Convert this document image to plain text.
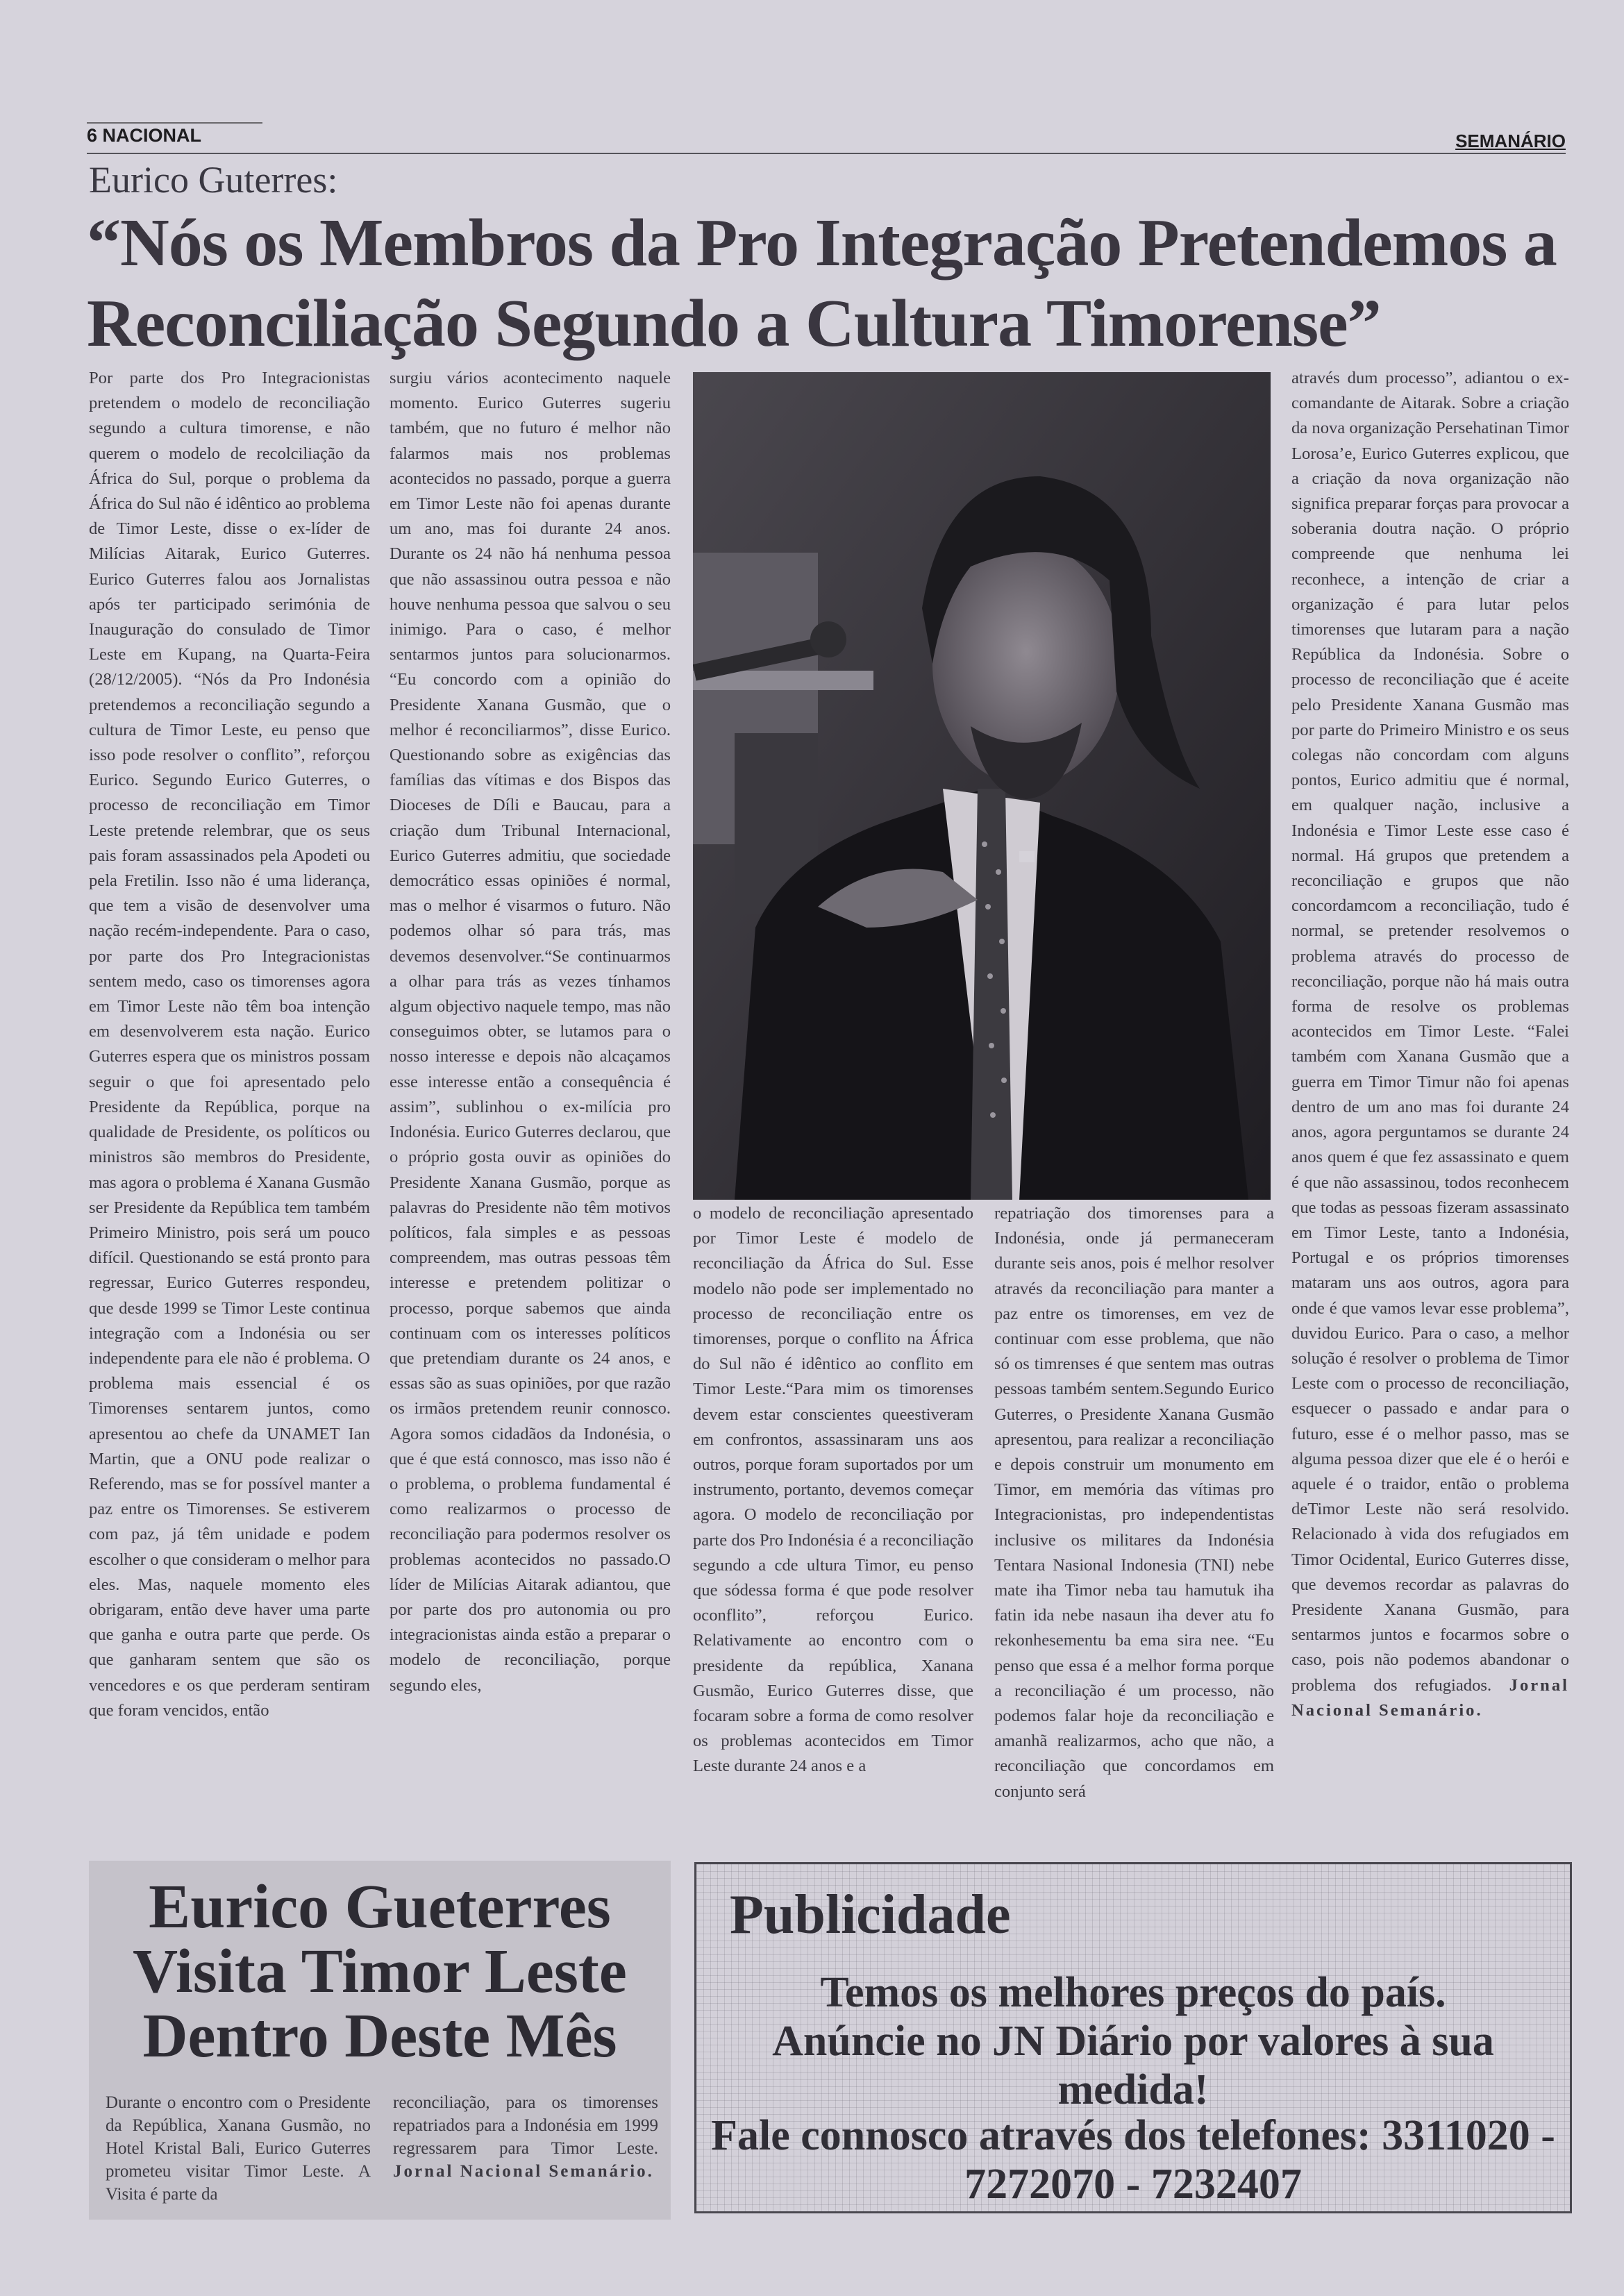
6 NACIONAL	SEMANÁRIO
Eurico Guterres:
“Nós os Membros da Pro Integração Pretendemos a Reconciliação Segundo a Cultura Timorense”

Por parte dos Pro Integracionistas pretendem o modelo de reconciliação segundo a cultura timorense, e não querem o modelo de recolciliação da África do Sul, porque o problema da África do Sul não é idêntico ao problema de Timor Leste, disse o ex-líder de Milícias Aitarak, Eurico Guterres. Eurico Guterres falou aos Jornalistas após ter participado serimónia de Inauguração do consulado de Timor Leste em Kupang, na Quarta-Feira (28/12/2005). “Nós da Pro Indonésia pretendemos a reconciliação segundo a cultura de Timor Leste, eu penso que isso pode resolver o conflito”, reforçou Eurico. Segundo Eurico Guterres, o processo de reconciliação em Timor Leste pretende relembrar, que os seus pais foram assassinados pela Apodeti ou pela Fretilin. Isso não é uma liderança, que tem a visão de desenvolver uma nação recém-independente. Para o caso, por parte dos Pro Integracionistas sentem medo, caso os timorenses agora em Timor Leste não têm boa intenção em desenvolverem esta nação. Eurico Guterres espera que os ministros possam seguir o que foi apresentado pelo Presidente da República, porque na qualidade de Presidente, os políticos ou ministros são membros do Presidente, mas agora o problema é Xanana Gusmão ser Presidente da República tem também Primeiro Ministro, pois será um pouco difícil. Questionando se está pronto para regressar, Eurico Guterres respondeu, que desde 1999 se Timor Leste continua integração com a Indonésia ou ser independente para ele não é problema. O problema mais essencial é os Timorenses sentarem juntos, como apresentou ao chefe da UNAMET Ian Martin, que a ONU pode realizar o Referendo, mas se for possível manter a paz entre os Timorenses. Se estiverem com paz, já têm unidade e podem escolher o que consideram o melhor para eles. Mas, naquele momento eles obrigaram, então deve haver uma parte que ganha e outra parte que perde. Os que ganharam sentem que são os vencedores e os que perderam sentiram que foram vencidos, então

surgiu vários acontecimento naquele momento. Eurico Guterres sugeriu também, que no futuro é melhor não falarmos mais nos problemas acontecidos no passado, porque a guerra em Timor Leste não foi apenas durante um ano, mas foi durante 24 anos. Durante os 24 não há nenhuma pessoa que não assassinou outra pessoa e não houve nenhuma pessoa que salvou o seu inimigo. Para o caso, é melhor sentarmos juntos para solucionarmos. “Eu concordo com a opinião do Presidente Xanana Gusmão, que o melhor é reconciliarmos”, disse Eurico. Questionando sobre as exigências das famílias das vítimas e dos Bispos das Dioceses de Díli e Baucau, para a criação dum Tribunal Internacional, Eurico Guterres admitiu, que sociedade democrático essas opiniões é normal, mas o melhor é visarmos o futuro. Não podemos olhar só para trás, mas devemos desenvolver.“Se continuarmos a olhar para trás as vezes tínhamos algum objectivo naquele tempo, mas não conseguimos obter, se lutamos para o nosso interesse e depois não alcaçamos esse interesse então a consequência é assim”, sublinhou o ex-milícia pro Indonésia. Eurico Guterres declarou, que o próprio gosta ouvir as opiniões do Presidente Xanana Gusmão, porque as palavras do Presidente não têm motivos políticos, fala simples e as pessoas compreendem, mas outras pessoas têm interesse e pretendem politizar o processo, porque sabemos que ainda continuam com os interesses políticos que pretendiam durante os 24 anos, e essas são as suas opiniões, por que razão os irmãos pretendem reunir connosco. Agora somos cidadãos da Indonésia, o que é que está connosco, mas isso não é o problema, o problema fundamental é como realizarmos o processo de reconciliação para podermos resolver os problemas acontecidos no passado.O líder de Milícias Aitarak adiantou, que por parte dos pro autonomia ou pro integracionistas ainda estão a preparar o modelo de reconciliação, porque segundo eles,

o modelo de reconciliação apresentado por Timor Leste é modelo de reconciliação da África do Sul. Esse modelo não pode ser implementado no processo de reconciliação entre os timorenses, porque o conflito na África do Sul não é idêntico ao conflito em Timor Leste.“Para mim os timorenses devem estar conscientes queestiveram em confrontos, assassinaram uns aos outros, porque foram suportados por um instrumento, portanto, devemos começar agora. O modelo de reconciliação por parte dos Pro Indonésia é a reconciliação segundo a cde ultura Timor, eu penso que sódessa forma é que pode resolver oconflito”, reforçou Eurico. Relativamente ao encontro com o presidente da república, Xanana Gusmão, Eurico Guterres disse, que focaram sobre a forma de como resolver os problemas acontecidos em Timor Leste durante 24 anos e a

repatriação dos timorenses para a Indonésia, onde já permaneceram durante seis anos, pois é melhor resolver através da reconciliação para manter a paz entre os timorenses, em vez de continuar com esse problema, que não só os timrenses é que sentem mas outras pessoas também sentem.Segundo Eurico Guterres, o Presidente Xanana Gusmão apresentou, para realizar a reconciliação e depois construir um monumento em Timor, em memória das vítimas pro Integracionistas, pro independentistas inclusive os militares da Indonésia Tentara Nasional Indonesia (TNI) nebe mate iha Timor neba tau hamutuk iha fatin ida nebe nasaun iha dever atu fo rekonhesementu ba ema sira nee. “Eu penso que essa é a melhor forma porque a reconciliação é um processo, não podemos falar hoje da reconciliação e amanhã realizarmos, acho que não, a reconciliação que concordamos em conjunto será

através dum processo”, adiantou o ex-comandante de Aitarak. Sobre a criação da nova organização Persehatinan Timor Lorosa’e, Eurico Guterres explicou, que a criação da nova organização não significa preparar forças para provocar a soberania doutra nação. O próprio compreende que nenhuma lei reconhece, a intenção de criar a organização é para lutar pelos timorenses que lutaram para a nação República da Indonésia. Sobre o processo de reconciliação que é aceite pelo Presidente Xanana Gusmão mas por parte do Primeiro Ministro e os seus colegas não concordam com alguns pontos, Eurico admitiu que é normal, em qualquer nação, inclusive a Indonésia e Timor Leste esse caso é normal. Há grupos que pretendem a reconciliação e grupos que não concordamcom a reconciliação, tudo é normal, se pretender resolvemos o problema através do processo de reconciliação, porque não há mais outra forma de resolve os problemas acontecidos em Timor Leste. “Falei também com Xanana Gusmão que a guerra em Timor Timur não foi apenas dentro de um ano mas foi durante 24 anos, agora perguntamos se durante 24 anos quem é que fez assassinato e quem é que não assassinou, todos reconhecem que todas as pessoas fizeram assassinato em Timor Leste, tanto a Indonésia, Portugal e os próprios timorenses mataram uns aos outros, agora para onde é que vamos levar esse problema”, duvidou Eurico. Para o caso, a melhor solução é resolver o problema de Timor Leste com o processo de reconciliação, esquecer o passado e andar para o futuro, esse é o melhor passo, mas se alguma pessoa dizer que ele é o herói e aquele é o traidor, então o problema deTimor Leste não será resolvido. Relacionado à vida dos refugiados em Timor Ocidental, Eurico Guterres disse, que devemos recordar as palavras do Presidente Xanana Gusmão, para sentarmos juntos e focarmos sobre o caso, pois não podemos abandonar o problema dos refugiados. Jornal Nacional Semanário.

Eurico Gueterres Visita Timor Leste Dentro Deste Mês
Durante o encontro com o Presidente da República, Xanana Gusmão, no Hotel Kristal Bali, Eurico Guterres prometeu visitar Timor Leste. A Visita é parte da
reconciliação, para os timorenses repatriados para a Indonésia em 1999 regressarem para Timor Leste. Jornal Nacional Semanário.
Publicidade
Temos os melhores preços do país.
Anúncie no JN Diário por valores à sua medida!
Fale connosco através dos telefones: 3311020 - 7272070 - 7232407
